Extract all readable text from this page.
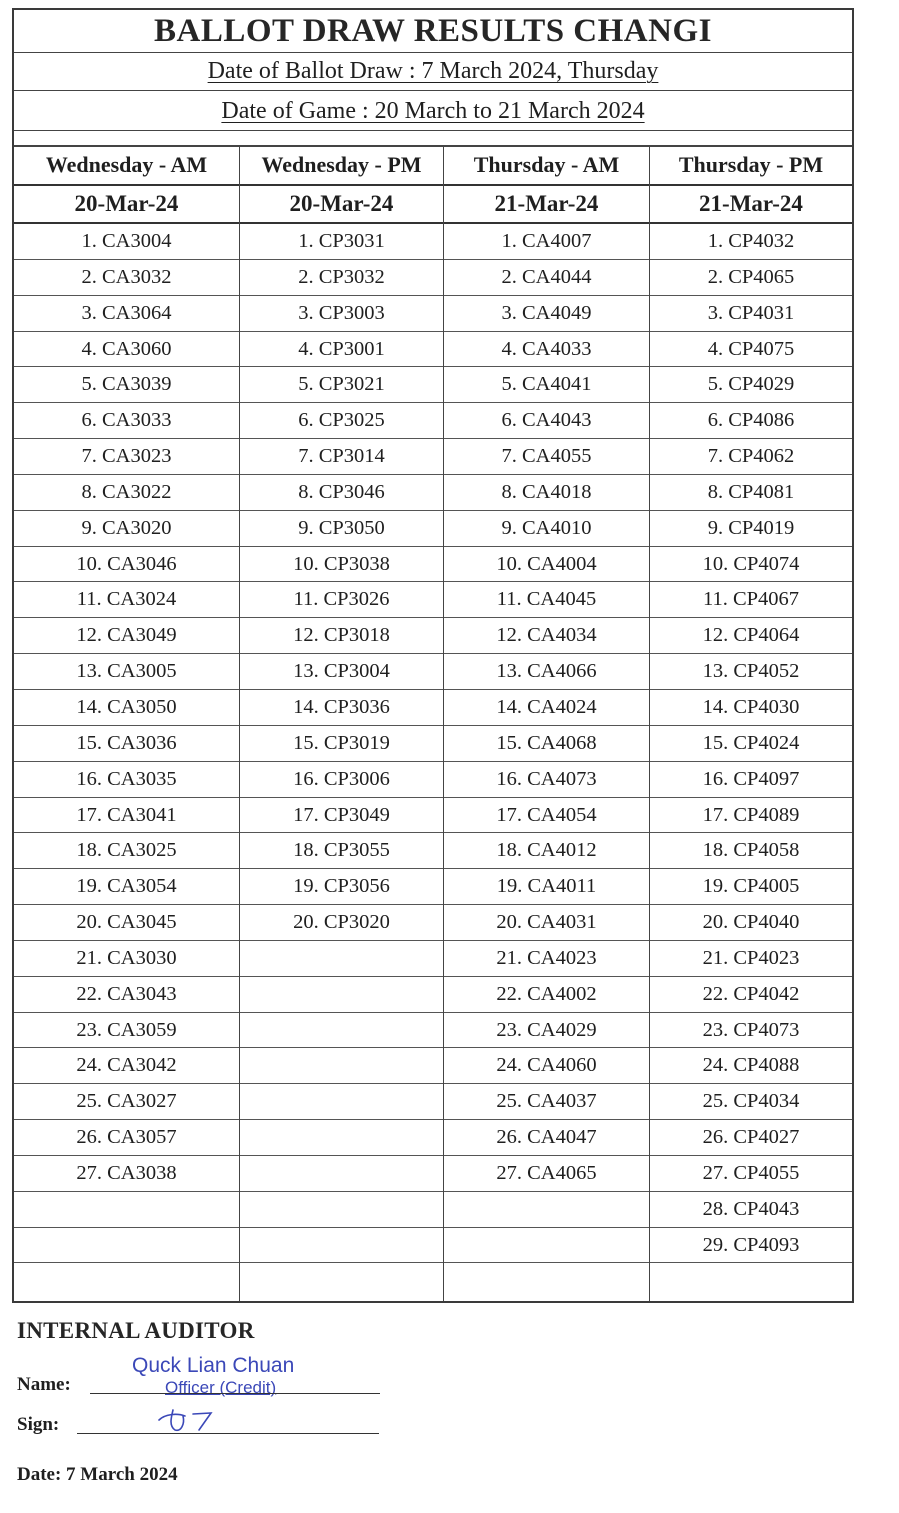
BALLOT DRAW RESULTS CHANGI
Date of Ballot Draw : 7 March 2024, Thursday
Date of Game : 20 March to 21 March 2024
Wednesday - AM
20-Mar-24
1. CA3004
2. CA3032
3. CA3064
4. CA3060
5. CA3039
6. CA3033
7. CA3023
8. CA3022
9. CA3020
10. CA3046
11. CA3024
12. CA3049
13. CA3005
14. CA3050
15. CA3036
16. CA3035
17. CA3041
18. CA3025
19. CA3054
20. CA3045
21. CA3030
22. CA3043
23. CA3059
24. CA3042
25. CA3027
26. CA3057
27. CA3038
Wednesday - PM
20-Mar-24
1. CP3031
2. CP3032
3. CP3003
4. CP3001
5. CP3021
6. CP3025
7. CP3014
8. CP3046
9. CP3050
10. CP3038
11. CP3026
12. CP3018
13. CP3004
14. CP3036
15. CP3019
16. CP3006
17. CP3049
18. CP3055
19. CP3056
20. CP3020
Thursday - AM
21-Mar-24
1. CA4007
2. CA4044
3. CA4049
4. CA4033
5. CA4041
6. CA4043
7. CA4055
8. CA4018
9. CA4010
10. CA4004
11. CA4045
12. CA4034
13. CA4066
14. CA4024
15. CA4068
16. CA4073
17. CA4054
18. CA4012
19. CA4011
20. CA4031
21. CA4023
22. CA4002
23. CA4029
24. CA4060
25. CA4037
26. CA4047
27. CA4065
Thursday - PM
21-Mar-24
1. CP4032
2. CP4065
3. CP4031
4. CP4075
5. CP4029
6. CP4086
7. CP4062
8. CP4081
9. CP4019
10. CP4074
11. CP4067
12. CP4064
13. CP4052
14. CP4030
15. CP4024
16. CP4097
17. CP4089
18. CP4058
19. CP4005
20. CP4040
21. CP4023
22. CP4042
23. CP4073
24. CP4088
25. CP4034
26. CP4027
27. CP4055
28. CP4043
29. CP4093
INTERNAL AUDITOR
Name:
Quck Lian Chuan
Officer (Credit)
Sign:
Date: 7 March 2024
